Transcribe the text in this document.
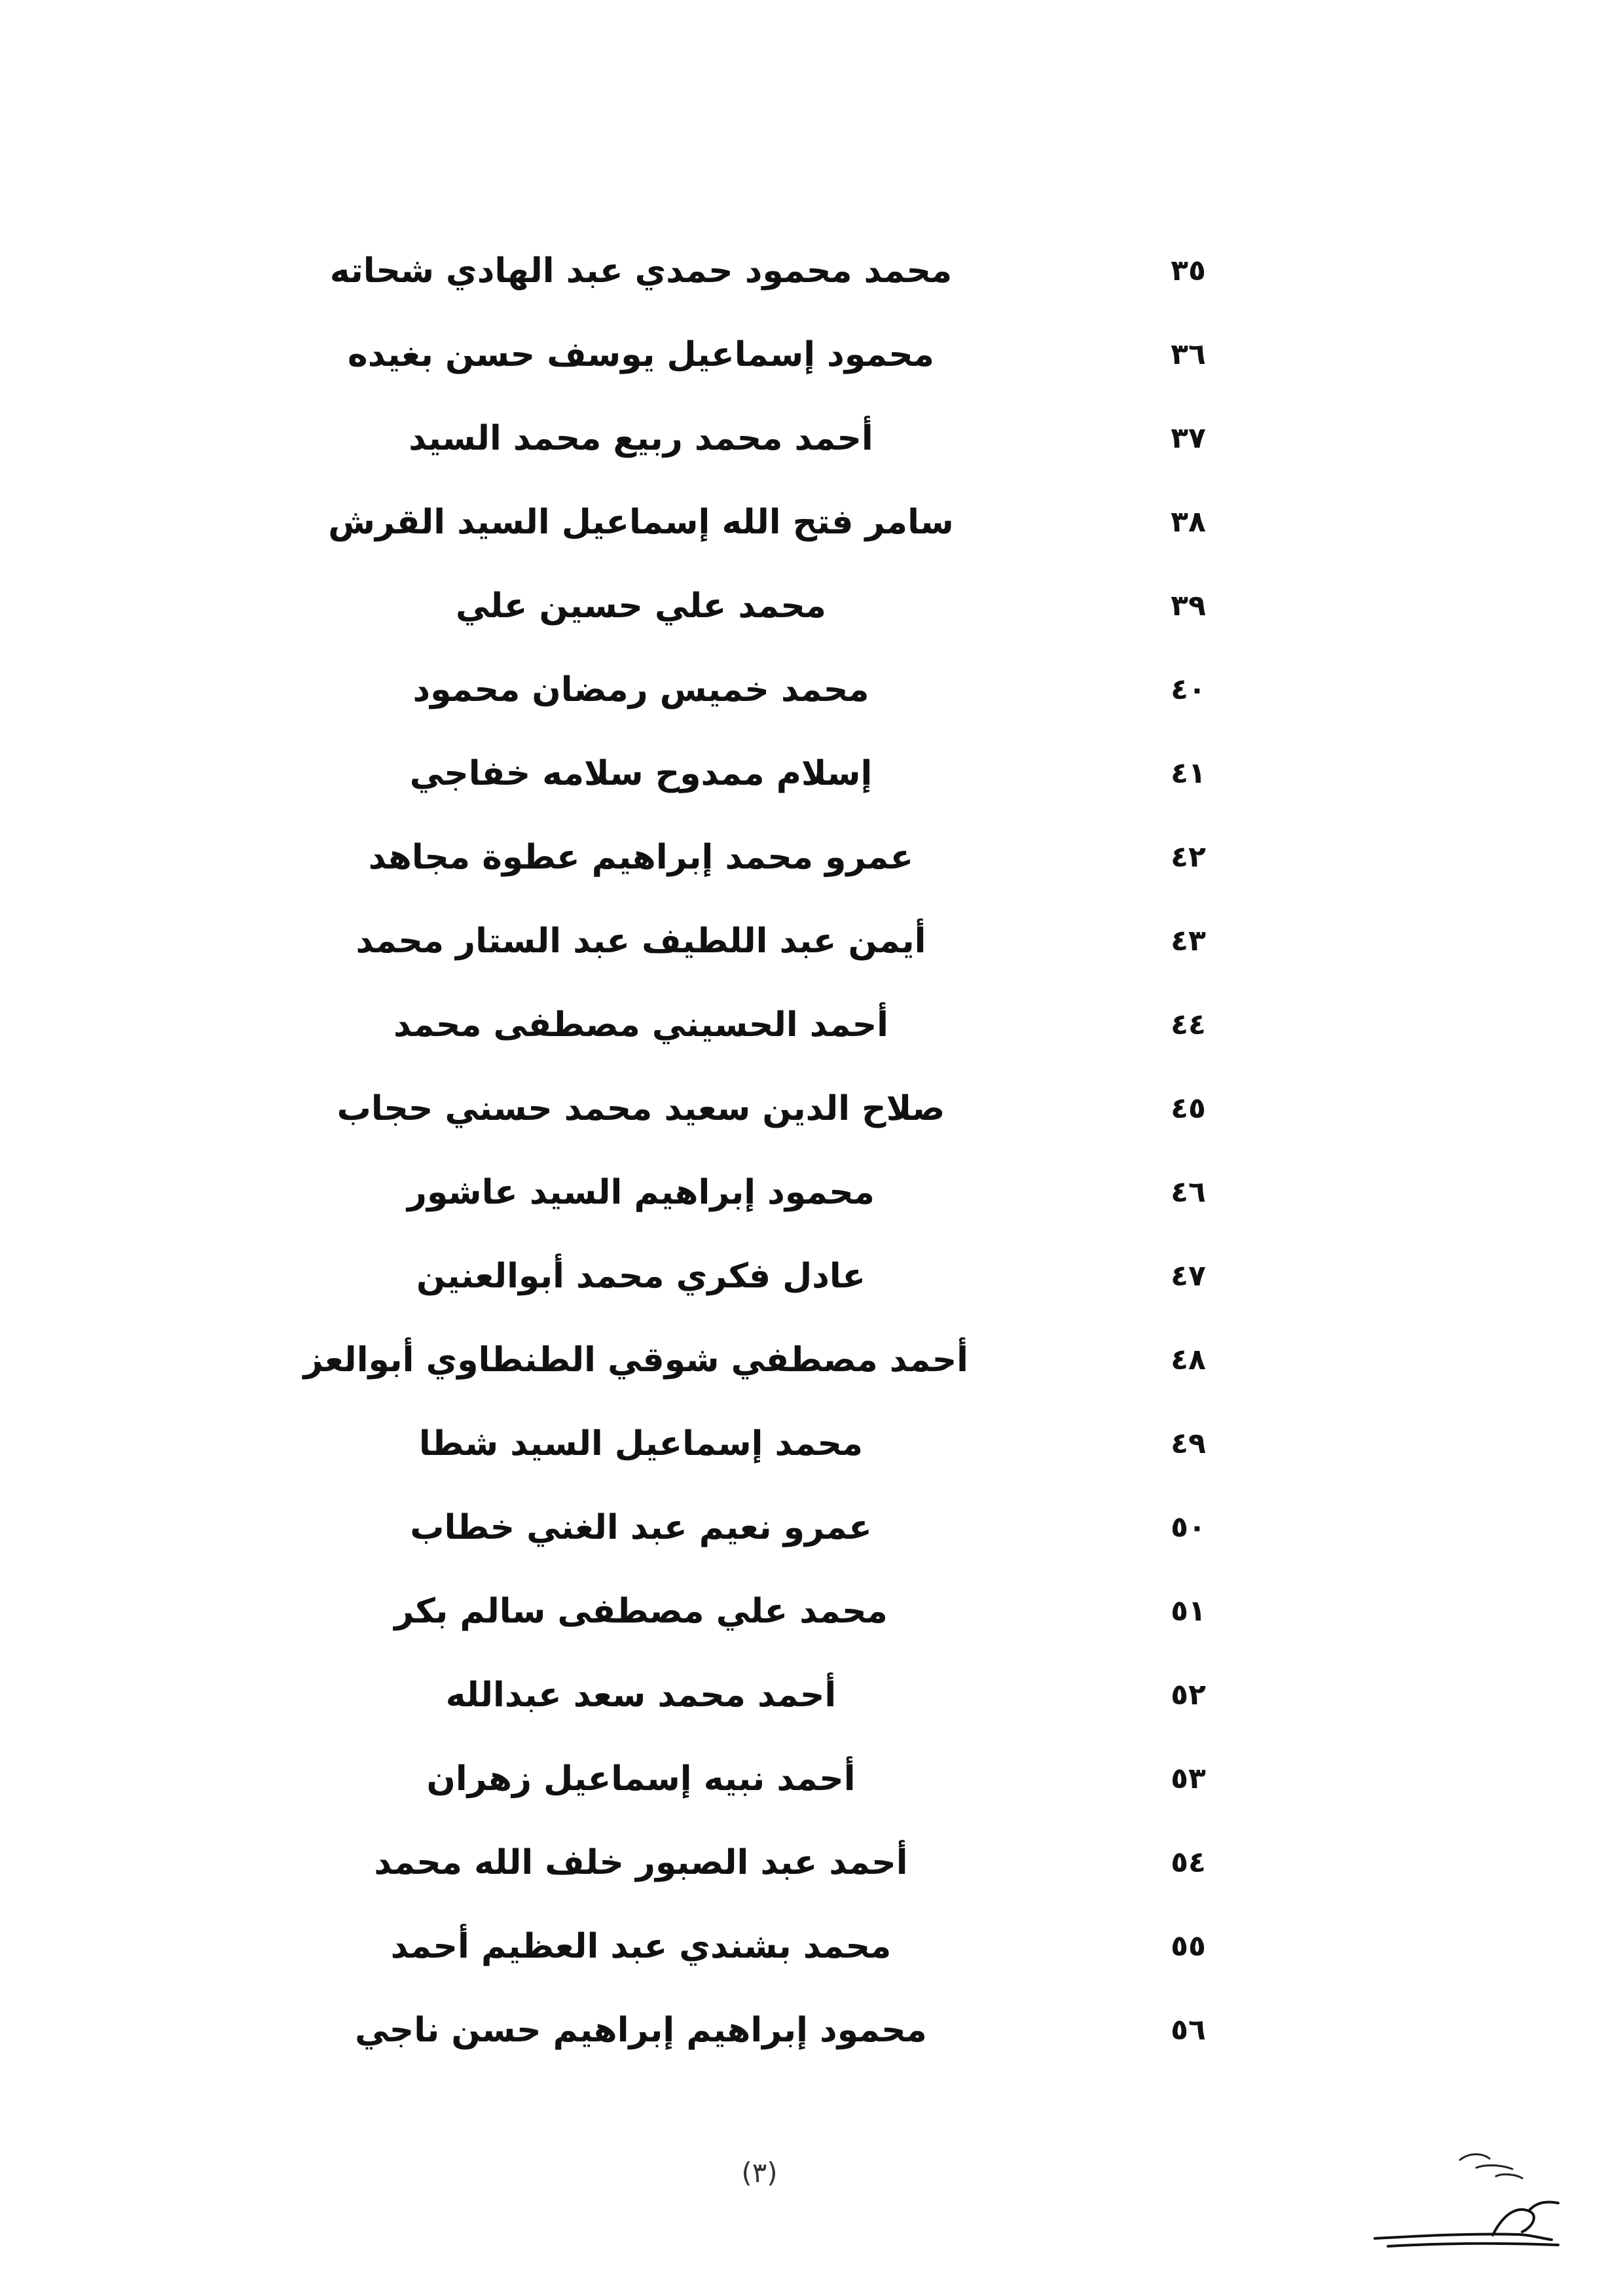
٣٥
محمد محمود حمدي عبد الهادي شحاته
٣٦
محمود إسماعيل يوسف حسن بغيده
٣٧
أحمد محمد ربيع محمد السيد
٣٨
سامر فتح الله إسماعيل السيد القرش
٣٩
محمد علي حسين علي
٤٠
محمد خميس رمضان محمود
٤١
إسلام ممدوح سلامه خفاجي
٤٢
عمرو محمد إبراهيم عطوة مجاهد
٤٣
أيمن عبد اللطيف عبد الستار محمد
٤٤
أحمد الحسيني مصطفى محمد
٤٥
صلاح الدين سعيد محمد حسني حجاب
٤٦
محمود إبراهيم السيد عاشور
٤٧
عادل فكري محمد أبوالعنين
٤٨
أحمد مصطفي شوقي الطنطاوي أبوالعز
٤٩
محمد إسماعيل السيد شطا
٥٠
عمرو نعيم عبد الغني خطاب
٥١
محمد علي مصطفى سالم بكر
٥٢
أحمد محمد سعد عبدالله
٥٣
أحمد نبيه إسماعيل زهران
٥٤
أحمد عبد الصبور خلف الله محمد
٥٥
محمد بشندي عبد العظيم أحمد
٥٦
محمود إبراهيم إبراهيم حسن ناجي
(٣)
